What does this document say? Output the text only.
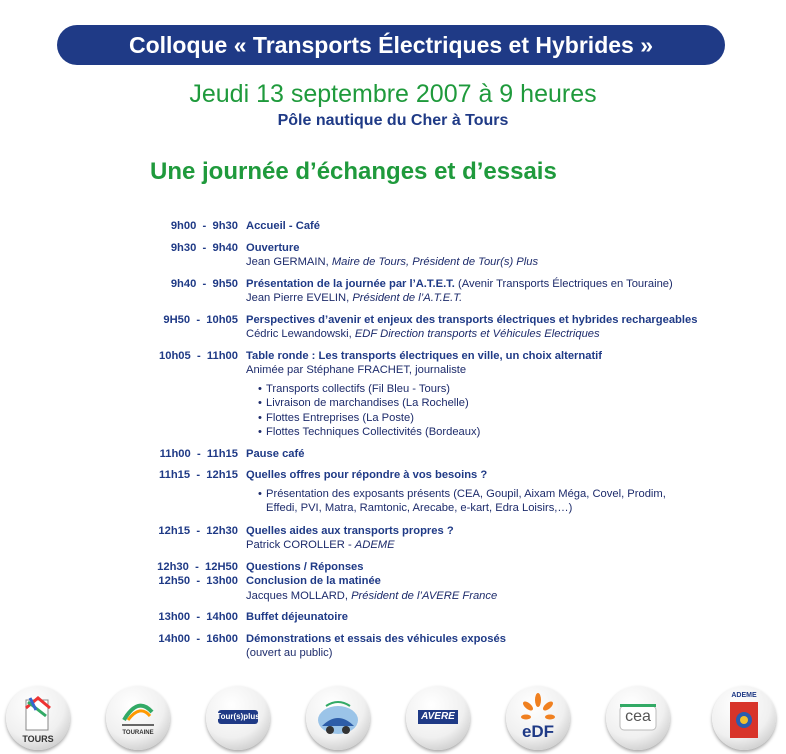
Colloque « Transports Électriques et Hybrides »
Jeudi 13 septembre 2007 à 9 heures
Pôle nautique du Cher à Tours
Une journée d’échanges et d’essais
9h00  -  9h30 Accueil - Café
9h30  -  9h40 Ouverture
Jean GERMAIN, Maire de Tours, Président de Tour(s) Plus
9h40  -  9h50 Présentation de la journée par l’A.T.E.T. (Avenir Transports Électriques en Touraine)
Jean Pierre EVELIN, Président de l’A.T.E.T.
9H50  -  10h05 Perspectives d’avenir et enjeux des transports électriques et hybrides rechargeables
Cédric Lewandowski, EDF Direction transports et Véhicules Electriques
10h05  -  11h00 Table ronde : Les transports électriques en ville, un choix alternatif
Animée par Stéphane FRACHET, journaliste
• Transports collectifs (Fil Bleu - Tours)
• Livraison de marchandises (La Rochelle)
• Flottes Entreprises (La Poste)
• Flottes Techniques Collectivités (Bordeaux)
11h00  -  11h15 Pause café
11h15  -  12h15 Quelles offres pour répondre à vos besoins ?
• Présentation des exposants présents (CEA, Goupil, Aixam Méga, Covel, Prodim, Effedi, PVI, Matra, Ramtonic, Arecabe, e-kart, Edra Loisirs,…)
12h15  -  12h30 Quelles aides aux transports propres ?
Patrick COROLLER - ADEME
12h30  -  12H50 Questions / Réponses
12h50  -  13h00 Conclusion de la matinée
Jacques MOLLARD, Président de l’AVERE France
13h00  -  14h00 Buffet déjeunatoire
14h00  -  16h00 Démonstrations et essais des véhicules exposés
(ouvert au public)
TOURS
TOURAINE
Tour(s)plus	AVERE
eDF
cea
ADEME
